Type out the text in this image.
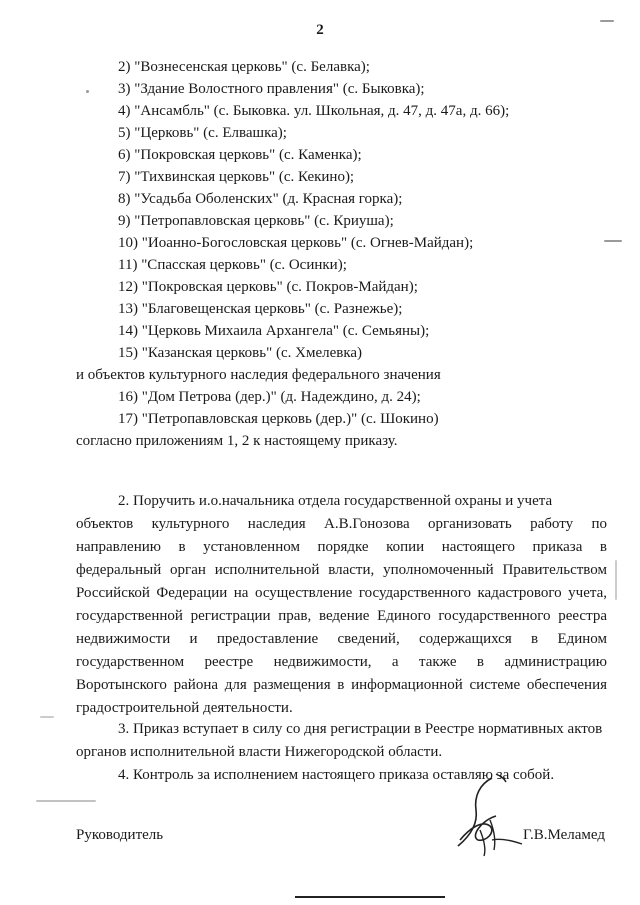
2
2) "Вознесенская церковь" (с. Белавка);
3) "Здание Волостного правления" (с. Быковка);
4) "Ансамбль" (с. Быковка. ул. Школьная, д. 47, д. 47а, д. 66);
5) "Церковь" (с. Елвашка);
6) "Покровская церковь" (с. Каменка);
7) "Тихвинская церковь" (с. Кекино);
8) "Усадьба Оболенских" (д. Красная горка);
9) "Петропавловская церковь" (с. Криуша);
10) "Иоанно-Богословская церковь" (с. Огнев-Майдан);
11) "Спасская церковь" (с. Осинки);
12) "Покровская церковь" (с. Покров-Майдан);
13) "Благовещенская церковь" (с. Разнежье);
14) "Церковь Михаила Архангела" (с. Семьяны);
15) "Казанская церковь" (с. Хмелевка)
и объектов культурного наследия федерального значения
16) "Дом Петрова (дер.)" (д. Надеждино, д. 24);
17) "Петропавловская церковь (дер.)" (с. Шокино)
согласно приложениям 1, 2 к настоящему приказу.
2. Поручить и.о.начальника отдела государственной охраны и учета
объектов культурного наследия А.В.Гонозова организовать работу по
направлению в установленном порядке копии настоящего приказа в
федеральный орган исполнительной власти, уполномоченный Правительством
Российской Федерации на осуществление государственного кадастрового учета,
государственной регистрации прав, ведение Единого государственного реестра
недвижимости и предоставление сведений, содержащихся в Едином
государственном реестре недвижимости, а также в администрацию
Воротынского района для размещения в информационной системе обеспечения
градостроительной деятельности.
3. Приказ вступает в силу со дня регистрации в Реестре нормативных актов
органов исполнительной власти Нижегородской области.
4. Контроль за исполнением настоящего приказа оставляю за собой.
Руководитель	Г.В.Меламед
